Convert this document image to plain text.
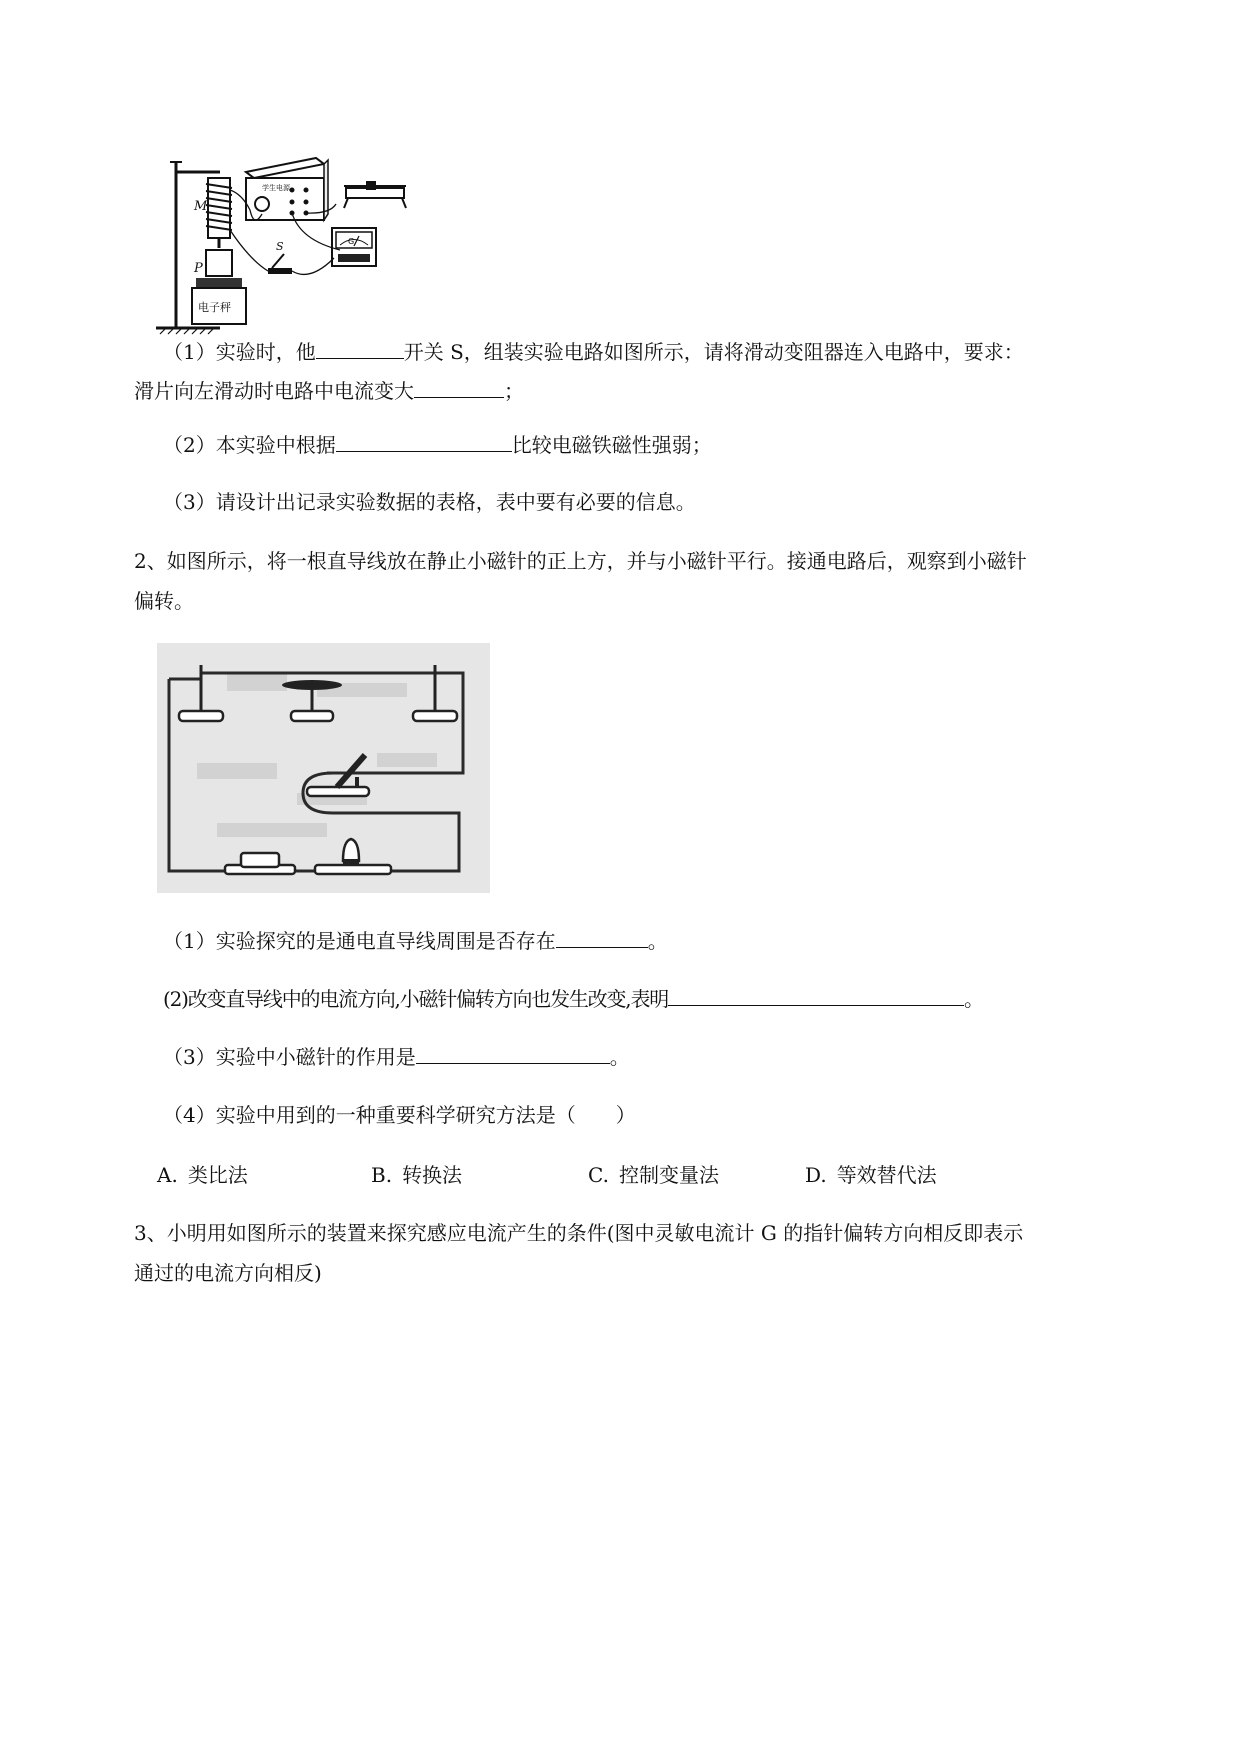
电子秤
M
P
学生电源
G
S
（1）实验时，他	开关 S，组装实验电路如图所示，请将滑动变阻器连入电路中，要求：
滑片向左滑动时电路中电流变大	；
（2）本实验中根据	比较电磁铁磁性强弱；
（3）请设计出记录实验数据的表格，表中要有必要的信息。
2、如图所示，将一根直导线放在静止小磁针的正上方，并与小磁针平行。接通电路后，观察到小磁针
偏转。
（1）实验探究的是通电直导线周围是否存在	。
(2)改变直导线中的电流方向,小磁针偏转方向也发生改变,表明	。
（3）实验中小磁针的作用是	。
（4）实验中用到的一种重要科学研究方法是（　　）
A. 类比法	B. 转换法	C. 控制变量法	D. 等效替代法
3、小明用如图所示的装置来探究感应电流产生的条件(图中灵敏电流计 G 的指针偏转方向相反即表示
通过的电流方向相反)
